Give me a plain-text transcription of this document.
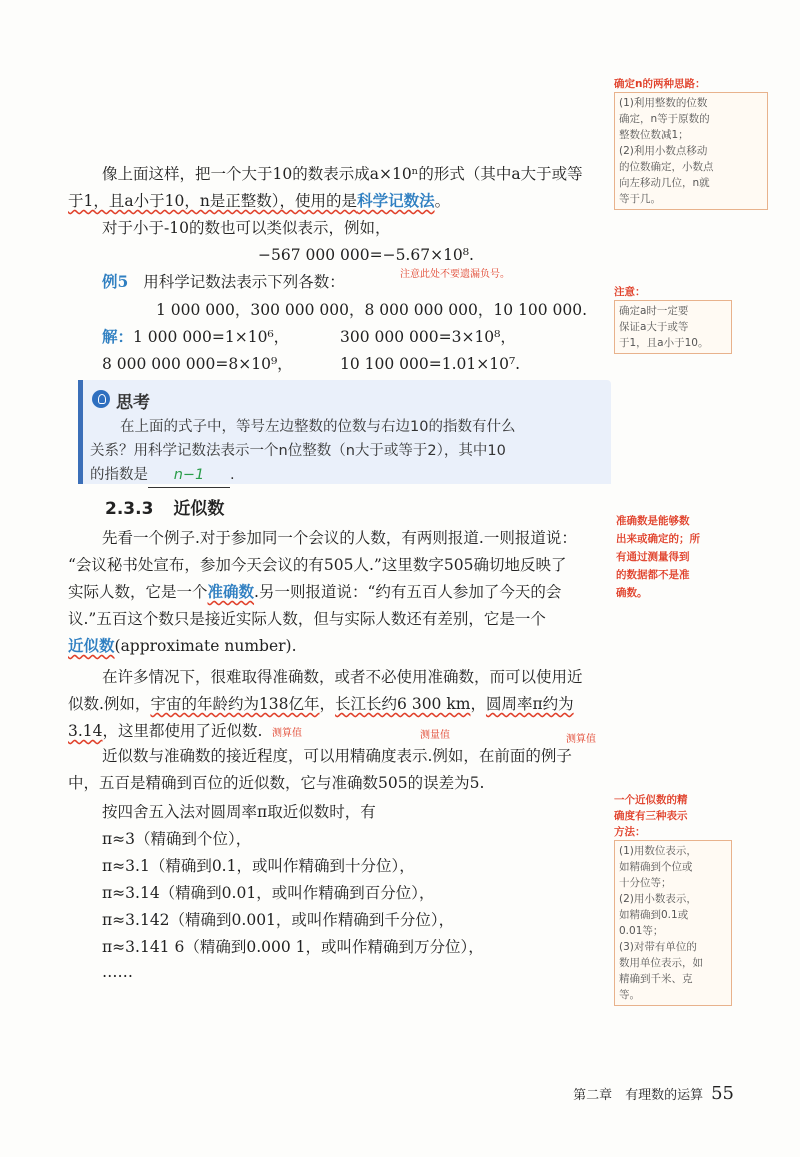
确定n的两种思路：
(1)利用整数的位数
确定，n等于原数的
整数位数减1；
(2)利用小数点移动
的位数确定，小数点
向左移动几位，n就
等于几。
注意：
确定a时一定要
保证a大于或等
于1，且a小于10。
准确数是能够数
出来或确定的；所
有通过测量得到
的数据都不是准
确数。
一个近似数的精
确度有三种表示
方法：
(1)用数位表示，
如精确到个位或
十分位等；
(2)用小数表示，
如精确到0.1或
0.01等；
(3)对带有单位的
数用单位表示，如
精确到千米、克
等。
像上面这样，把一个大于10的数表示成a×10ⁿ的形式（其中a大于或等
于1，且a小于10，n是正整数），使用的是科学记数法。
对于小于-10的数也可以类似表示，例如，
−567 000 000=−5.67×10⁸.
注意此处不要遗漏负号。
例5 用科学记数法表示下列各数：
1 000 000，300 000 000，8 000 000 000，10 100 000.
解：1 000 000=1×10⁶，	300 000 000=3×10⁸，
8 000 000 000=8×10⁹，	10 100 000=1.01×10⁷.
思考
在上面的式子中，等号左边整数的位数与右边10的指数有什么
关系？用科学记数法表示一个n位整数（n大于或等于2），其中10
的指数是 n−1 .
2.3.3 近似数
先看一个例子.对于参加同一个会议的人数，有两则报道.一则报道说：
“会议秘书处宣布，参加今天会议的有505人.”这里数字505确切地反映了
实际人数，它是一个准确数.另一则报道说：“约有五百人参加了今天的会
议.”五百这个数只是接近实际人数，但与实际人数还有差别，它是一个
近似数(approximate number).
在许多情况下，很难取得准确数，或者不必使用准确数，而可以使用近
似数.例如，宇宙的年龄约为138亿年，长江长约6 300 km，圆周率π约为
3.14，这里都使用了近似数. 测算值	测量值	测算值
近似数与准确数的接近程度，可以用精确度表示.例如，在前面的例子
中，五百是精确到百位的近似数，它与准确数505的误差为5.
按四舍五入法对圆周率π取近似数时，有
π≈3（精确到个位），
π≈3.1（精确到0.1，或叫作精确到十分位），
π≈3.14（精确到0.01，或叫作精确到百分位），
π≈3.142（精确到0.001，或叫作精确到千分位），
π≈3.141 6（精确到0.000 1，或叫作精确到万分位），
……
第二章　有理数的运算 55
